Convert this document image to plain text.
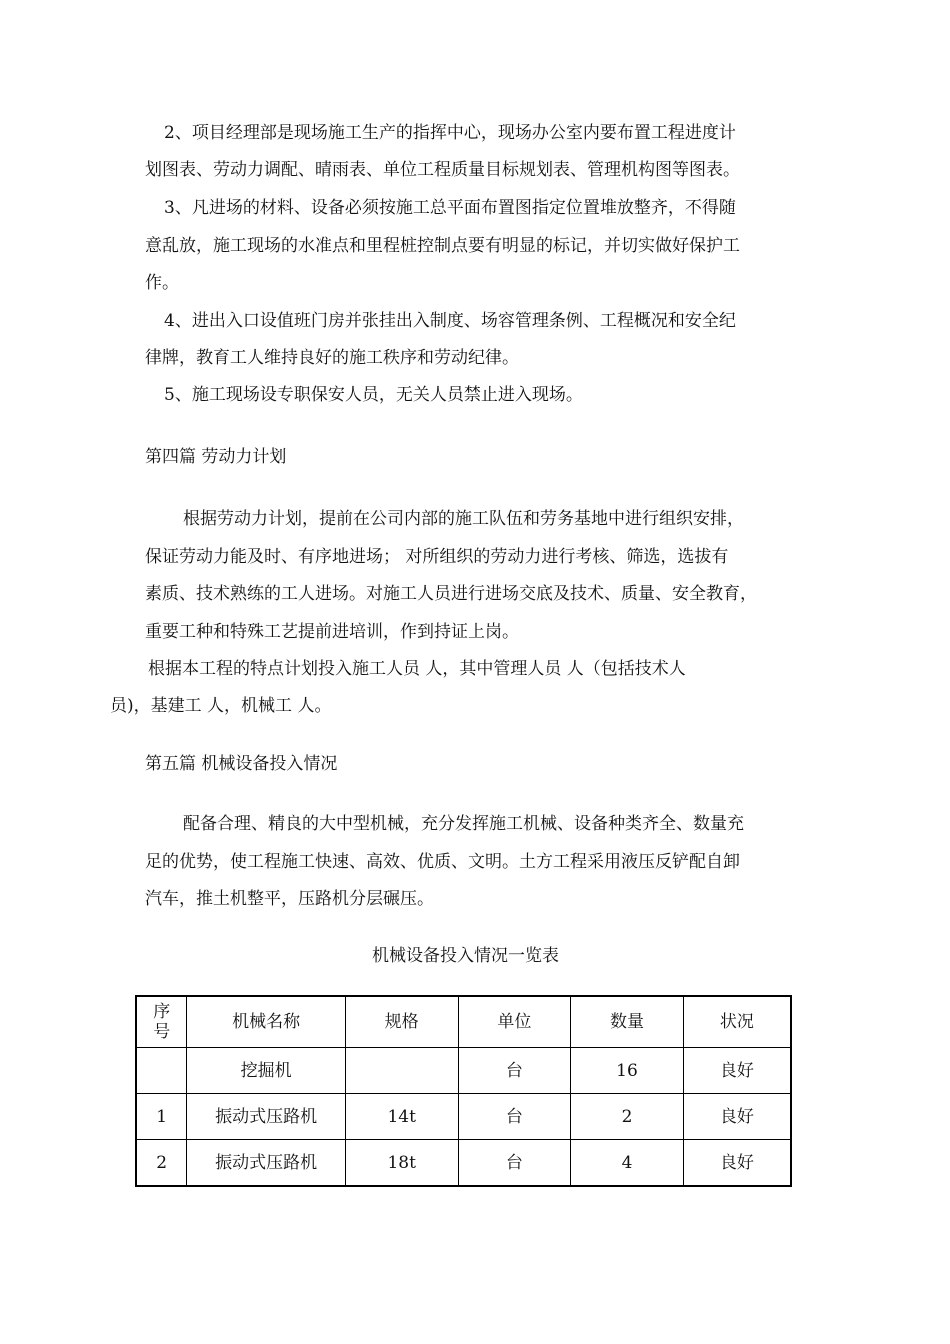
2、项目经理部是现场施工生产的指挥中心，现场办公室内要布置工程进度计
划图表、劳动力调配、晴雨表、单位工程质量目标规划表、管理机构图等图表。
3、凡进场的材料、设备必须按施工总平面布置图指定位置堆放整齐，不得随
意乱放，施工现场的水准点和里程桩控制点要有明显的标记，并切实做好保护工
作。
4、进出入口设值班门房并张挂出入制度、场容管理条例、工程概况和安全纪
律牌，教育工人维持良好的施工秩序和劳动纪律。
5、施工现场设专职保安人员，无关人员禁止进入现场。
第四篇 劳动力计划
根据劳动力计划，提前在公司内部的施工队伍和劳务基地中进行组织安排，
保证劳动力能及时、有序地进场； 对所组织的劳动力进行考核、筛选，选拔有
素质、技术熟练的工人进场。对施工人员进行进场交底及技术、质量、安全教育，
重要工种和特殊工艺提前进培训，作到持证上岗。
根据本工程的特点计划投入施工人员 人，其中管理人员 人（包括技术人
员)，基建工 人，机械工 人。
第五篇 机械设备投入情况
配备合理、精良的大中型机械，充分发挥施工机械、设备种类齐全、数量充
足的优势，使工程施工快速、高效、优质、文明。土方工程采用液压反铲配自卸
汽车，推土机整平，压路机分层碾压。
机械设备投入情况一览表
序
号	机械名称	规格	单位	数量	状况
	挖掘机		台	16	良好
1	振动式压路机	14t	台	2	良好
2	振动式压路机	18t	台	4	良好
